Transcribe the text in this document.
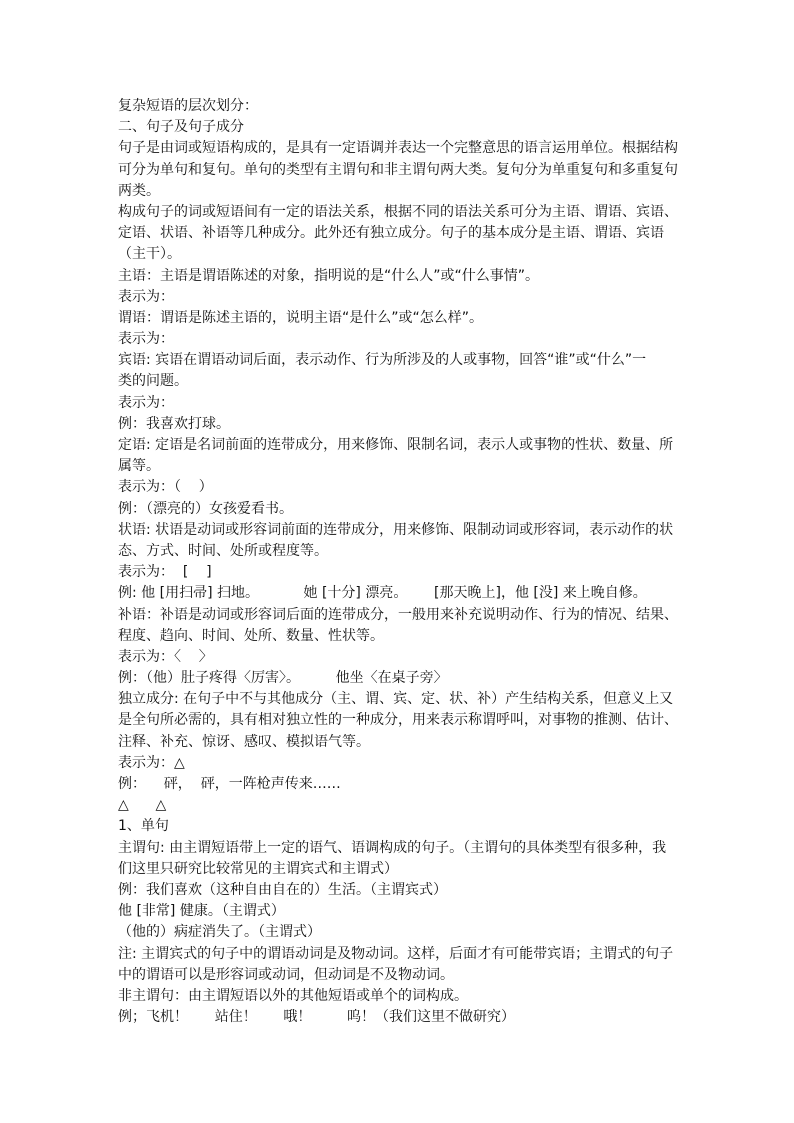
复杂短语的层次划分：
二、句子及句子成分
句子是由词或短语构成的，是具有一定语调并表达一个完整意思的语言运用单位。根据结构
可分为单句和复句。单句的类型有主谓句和非主谓句两大类。复句分为单重复句和多重复句
两类。
构成句子的词或短语间有一定的语法关系，根据不同的语法关系可分为主语、谓语、宾语、
定语、状语、补语等几种成分。此外还有独立成分。句子的基本成分是主语、谓语、宾语
（主干）。
主语：主语是谓语陈述的对象，指明说的是“什么人”或“什么事情”。
表示为：
谓语：谓语是陈述主语的，说明主语“是什么”或“怎么样”。
表示为：
宾语: 宾语在谓语动词后面，表示动作、行为所涉及的人或事物，回答“谁”或“什么”一
类的问题。
表示为：
例：我喜欢打球。
定语: 定语是名词前面的连带成分，用来修饰、限制名词，表示人或事物的性状、数量、所
属等。
表示为：（    ）
例：（漂亮的）女孩爱看书。
状语: 状语是动词或形容词前面的连带成分，用来修饰、限制动词或形容词，表示动作的状
态、方式、时间、处所或程度等。
表示为：  [    ]
例: 他 [用扫帚] 扫地。          她 [十分] 漂亮。      [那天晚上]，他 [没] 来上晚自修。
补语：补语是动词或形容词后面的连带成分，一般用来补充说明动作、行为的情况、结果、
程度、趋向、时间、处所、数量、性状等。
表示为：〈    〉
例：（他）肚子疼得〈厉害〉。        他坐〈在桌子旁〉
独立成分: 在句子中不与其他成分（主、谓、宾、定、状、补）产生结构关系，但意义上又
是全句所必需的，具有相对独立性的一种成分，用来表示称谓呼叫，对事物的推测、估计、
注释、补充、惊讶、感叹、模拟语气等。
表示为：△
例：    砰，  砰，一阵枪声传来……
△      △
1、单句
主谓句: 由主谓短语带上一定的语气、语调构成的句子。（主谓句的具体类型有很多种，我
们这里只研究比较常见的主谓宾式和主谓式）
例：我们喜欢（这种自由自在的）生活。（主谓宾式）
他 [非常] 健康。（主谓式）
（他的）病症消失了。（主谓式）
注: 主谓宾式的句子中的谓语动词是及物动词。这样，后面才有可能带宾语；主谓式的句子
中的谓语可以是形容词或动词，但动词是不及物动词。
非主谓句：由主谓短语以外的其他短语或单个的词构成。
例；飞机！      站住！      哦！        呜！（我们这里不做研究）
